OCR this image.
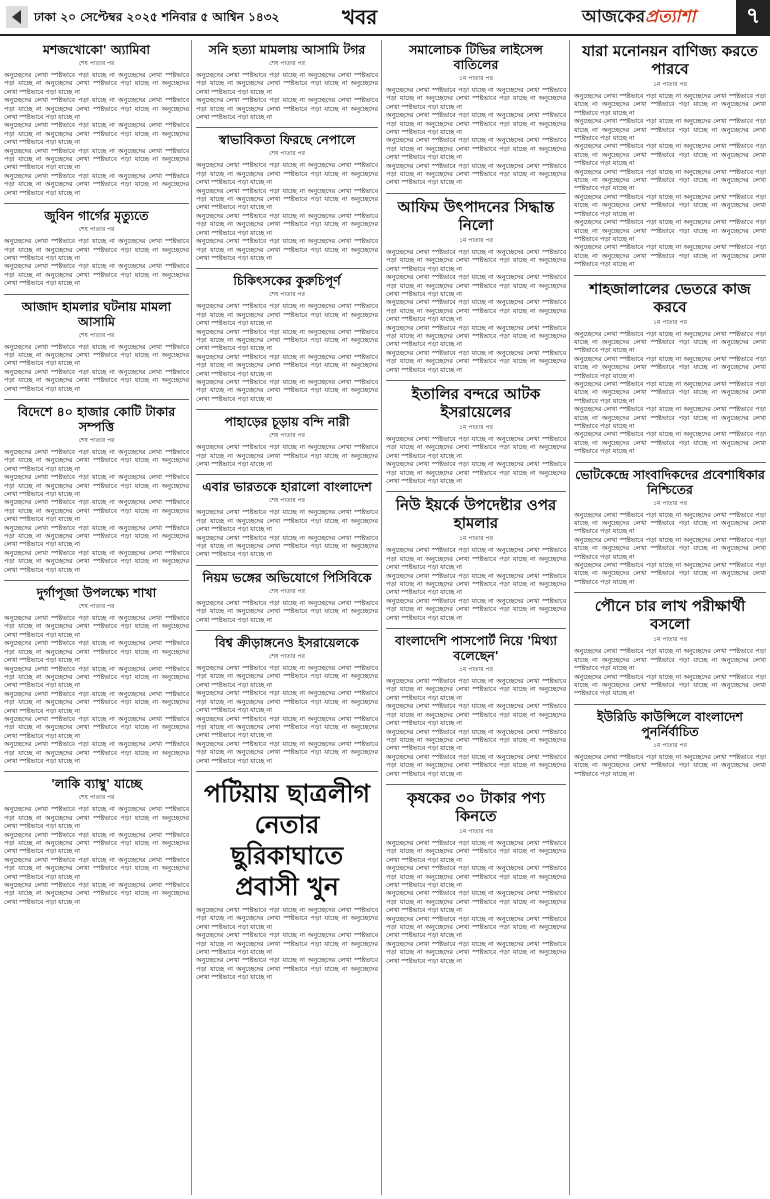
ঢাকা ২০ সেপ্টেম্বর ২০২৫ শনিবার ৫ আশ্বিন ১৪৩২	খবর	আজকেরপ্রত্যাশা	৭
মশজখোকো' অ্যামিবা
শেষ পাতার পর

অনুচ্ছেদের লেখা স্পষ্টভাবে পড়া যাচ্ছে না অনুচ্ছেদের লেখা স্পষ্টভাবে পড়া যাচ্ছে না অনুচ্ছেদের লেখা স্পষ্টভাবে পড়া যাচ্ছে না অনুচ্ছেদের লেখা স্পষ্টভাবে পড়া যাচ্ছে না

অনুচ্ছেদের লেখা স্পষ্টভাবে পড়া যাচ্ছে না অনুচ্ছেদের লেখা স্পষ্টভাবে পড়া যাচ্ছে না অনুচ্ছেদের লেখা স্পষ্টভাবে পড়া যাচ্ছে না অনুচ্ছেদের লেখা স্পষ্টভাবে পড়া যাচ্ছে না

অনুচ্ছেদের লেখা স্পষ্টভাবে পড়া যাচ্ছে না অনুচ্ছেদের লেখা স্পষ্টভাবে পড়া যাচ্ছে না অনুচ্ছেদের লেখা স্পষ্টভাবে পড়া যাচ্ছে না অনুচ্ছেদের লেখা স্পষ্টভাবে পড়া যাচ্ছে না

অনুচ্ছেদের লেখা স্পষ্টভাবে পড়া যাচ্ছে না অনুচ্ছেদের লেখা স্পষ্টভাবে পড়া যাচ্ছে না অনুচ্ছেদের লেখা স্পষ্টভাবে পড়া যাচ্ছে না অনুচ্ছেদের লেখা স্পষ্টভাবে পড়া যাচ্ছে না

অনুচ্ছেদের লেখা স্পষ্টভাবে পড়া যাচ্ছে না অনুচ্ছেদের লেখা স্পষ্টভাবে পড়া যাচ্ছে না অনুচ্ছেদের লেখা স্পষ্টভাবে পড়া যাচ্ছে না অনুচ্ছেদের লেখা স্পষ্টভাবে পড়া যাচ্ছে না

জুবিন গার্গের মৃত্যুতে
শেষ পাতার পর

অনুচ্ছেদের লেখা স্পষ্টভাবে পড়া যাচ্ছে না অনুচ্ছেদের লেখা স্পষ্টভাবে পড়া যাচ্ছে না অনুচ্ছেদের লেখা স্পষ্টভাবে পড়া যাচ্ছে না অনুচ্ছেদের লেখা স্পষ্টভাবে পড়া যাচ্ছে না

অনুচ্ছেদের লেখা স্পষ্টভাবে পড়া যাচ্ছে না অনুচ্ছেদের লেখা স্পষ্টভাবে পড়া যাচ্ছে না অনুচ্ছেদের লেখা স্পষ্টভাবে পড়া যাচ্ছে না অনুচ্ছেদের লেখা স্পষ্টভাবে পড়া যাচ্ছে না

আজাদ হামলার ঘটনায় মামলা আসামি
শেষ পাতার পর

অনুচ্ছেদের লেখা স্পষ্টভাবে পড়া যাচ্ছে না অনুচ্ছেদের লেখা স্পষ্টভাবে পড়া যাচ্ছে না অনুচ্ছেদের লেখা স্পষ্টভাবে পড়া যাচ্ছে না অনুচ্ছেদের লেখা স্পষ্টভাবে পড়া যাচ্ছে না

অনুচ্ছেদের লেখা স্পষ্টভাবে পড়া যাচ্ছে না অনুচ্ছেদের লেখা স্পষ্টভাবে পড়া যাচ্ছে না অনুচ্ছেদের লেখা স্পষ্টভাবে পড়া যাচ্ছে না অনুচ্ছেদের লেখা স্পষ্টভাবে পড়া যাচ্ছে না

বিদেশে ৪০ হাজার কোটি টাকার সম্পত্তি
শেষ পাতার পর

অনুচ্ছেদের লেখা স্পষ্টভাবে পড়া যাচ্ছে না অনুচ্ছেদের লেখা স্পষ্টভাবে পড়া যাচ্ছে না অনুচ্ছেদের লেখা স্পষ্টভাবে পড়া যাচ্ছে না অনুচ্ছেদের লেখা স্পষ্টভাবে পড়া যাচ্ছে না

অনুচ্ছেদের লেখা স্পষ্টভাবে পড়া যাচ্ছে না অনুচ্ছেদের লেখা স্পষ্টভাবে পড়া যাচ্ছে না অনুচ্ছেদের লেখা স্পষ্টভাবে পড়া যাচ্ছে না অনুচ্ছেদের লেখা স্পষ্টভাবে পড়া যাচ্ছে না

অনুচ্ছেদের লেখা স্পষ্টভাবে পড়া যাচ্ছে না অনুচ্ছেদের লেখা স্পষ্টভাবে পড়া যাচ্ছে না অনুচ্ছেদের লেখা স্পষ্টভাবে পড়া যাচ্ছে না অনুচ্ছেদের লেখা স্পষ্টভাবে পড়া যাচ্ছে না

অনুচ্ছেদের লেখা স্পষ্টভাবে পড়া যাচ্ছে না অনুচ্ছেদের লেখা স্পষ্টভাবে পড়া যাচ্ছে না অনুচ্ছেদের লেখা স্পষ্টভাবে পড়া যাচ্ছে না অনুচ্ছেদের লেখা স্পষ্টভাবে পড়া যাচ্ছে না

অনুচ্ছেদের লেখা স্পষ্টভাবে পড়া যাচ্ছে না অনুচ্ছেদের লেখা স্পষ্টভাবে পড়া যাচ্ছে না অনুচ্ছেদের লেখা স্পষ্টভাবে পড়া যাচ্ছে না অনুচ্ছেদের লেখা স্পষ্টভাবে পড়া যাচ্ছে না

দুর্গাপূজা উপলক্ষ্যে শাখা
শেষ পাতার পর

অনুচ্ছেদের লেখা স্পষ্টভাবে পড়া যাচ্ছে না অনুচ্ছেদের লেখা স্পষ্টভাবে পড়া যাচ্ছে না অনুচ্ছেদের লেখা স্পষ্টভাবে পড়া যাচ্ছে না অনুচ্ছেদের লেখা স্পষ্টভাবে পড়া যাচ্ছে না

অনুচ্ছেদের লেখা স্পষ্টভাবে পড়া যাচ্ছে না অনুচ্ছেদের লেখা স্পষ্টভাবে পড়া যাচ্ছে না অনুচ্ছেদের লেখা স্পষ্টভাবে পড়া যাচ্ছে না অনুচ্ছেদের লেখা স্পষ্টভাবে পড়া যাচ্ছে না

অনুচ্ছেদের লেখা স্পষ্টভাবে পড়া যাচ্ছে না অনুচ্ছেদের লেখা স্পষ্টভাবে পড়া যাচ্ছে না অনুচ্ছেদের লেখা স্পষ্টভাবে পড়া যাচ্ছে না অনুচ্ছেদের লেখা স্পষ্টভাবে পড়া যাচ্ছে না

অনুচ্ছেদের লেখা স্পষ্টভাবে পড়া যাচ্ছে না অনুচ্ছেদের লেখা স্পষ্টভাবে পড়া যাচ্ছে না অনুচ্ছেদের লেখা স্পষ্টভাবে পড়া যাচ্ছে না অনুচ্ছেদের লেখা স্পষ্টভাবে পড়া যাচ্ছে না

অনুচ্ছেদের লেখা স্পষ্টভাবে পড়া যাচ্ছে না অনুচ্ছেদের লেখা স্পষ্টভাবে পড়া যাচ্ছে না অনুচ্ছেদের লেখা স্পষ্টভাবে পড়া যাচ্ছে না অনুচ্ছেদের লেখা স্পষ্টভাবে পড়া যাচ্ছে না

অনুচ্ছেদের লেখা স্পষ্টভাবে পড়া যাচ্ছে না অনুচ্ছেদের লেখা স্পষ্টভাবে পড়া যাচ্ছে না অনুচ্ছেদের লেখা স্পষ্টভাবে পড়া যাচ্ছে না অনুচ্ছেদের লেখা স্পষ্টভাবে পড়া যাচ্ছে না

'লাকি ব্যাম্বু' যাচ্ছে
শেষ পাতার পর

অনুচ্ছেদের লেখা স্পষ্টভাবে পড়া যাচ্ছে না অনুচ্ছেদের লেখা স্পষ্টভাবে পড়া যাচ্ছে না অনুচ্ছেদের লেখা স্পষ্টভাবে পড়া যাচ্ছে না অনুচ্ছেদের লেখা স্পষ্টভাবে পড়া যাচ্ছে না

অনুচ্ছেদের লেখা স্পষ্টভাবে পড়া যাচ্ছে না অনুচ্ছেদের লেখা স্পষ্টভাবে পড়া যাচ্ছে না অনুচ্ছেদের লেখা স্পষ্টভাবে পড়া যাচ্ছে না অনুচ্ছেদের লেখা স্পষ্টভাবে পড়া যাচ্ছে না

অনুচ্ছেদের লেখা স্পষ্টভাবে পড়া যাচ্ছে না অনুচ্ছেদের লেখা স্পষ্টভাবে পড়া যাচ্ছে না অনুচ্ছেদের লেখা স্পষ্টভাবে পড়া যাচ্ছে না অনুচ্ছেদের লেখা স্পষ্টভাবে পড়া যাচ্ছে না

অনুচ্ছেদের লেখা স্পষ্টভাবে পড়া যাচ্ছে না অনুচ্ছেদের লেখা স্পষ্টভাবে পড়া যাচ্ছে না অনুচ্ছেদের লেখা স্পষ্টভাবে পড়া যাচ্ছে না অনুচ্ছেদের লেখা স্পষ্টভাবে পড়া যাচ্ছে না

সনি হত্যা মামলায় আসামি টগর
শেষ পাতার পর

অনুচ্ছেদের লেখা স্পষ্টভাবে পড়া যাচ্ছে না অনুচ্ছেদের লেখা স্পষ্টভাবে পড়া যাচ্ছে না অনুচ্ছেদের লেখা স্পষ্টভাবে পড়া যাচ্ছে না অনুচ্ছেদের লেখা স্পষ্টভাবে পড়া যাচ্ছে না

অনুচ্ছেদের লেখা স্পষ্টভাবে পড়া যাচ্ছে না অনুচ্ছেদের লেখা স্পষ্টভাবে পড়া যাচ্ছে না অনুচ্ছেদের লেখা স্পষ্টভাবে পড়া যাচ্ছে না অনুচ্ছেদের লেখা স্পষ্টভাবে পড়া যাচ্ছে না

স্বাভাবিকতা ফিরছে নেপালে
শেষ পাতার পর

অনুচ্ছেদের লেখা স্পষ্টভাবে পড়া যাচ্ছে না অনুচ্ছেদের লেখা স্পষ্টভাবে পড়া যাচ্ছে না অনুচ্ছেদের লেখা স্পষ্টভাবে পড়া যাচ্ছে না অনুচ্ছেদের লেখা স্পষ্টভাবে পড়া যাচ্ছে না

অনুচ্ছেদের লেখা স্পষ্টভাবে পড়া যাচ্ছে না অনুচ্ছেদের লেখা স্পষ্টভাবে পড়া যাচ্ছে না অনুচ্ছেদের লেখা স্পষ্টভাবে পড়া যাচ্ছে না অনুচ্ছেদের লেখা স্পষ্টভাবে পড়া যাচ্ছে না

অনুচ্ছেদের লেখা স্পষ্টভাবে পড়া যাচ্ছে না অনুচ্ছেদের লেখা স্পষ্টভাবে পড়া যাচ্ছে না অনুচ্ছেদের লেখা স্পষ্টভাবে পড়া যাচ্ছে না অনুচ্ছেদের লেখা স্পষ্টভাবে পড়া যাচ্ছে না

অনুচ্ছেদের লেখা স্পষ্টভাবে পড়া যাচ্ছে না অনুচ্ছেদের লেখা স্পষ্টভাবে পড়া যাচ্ছে না অনুচ্ছেদের লেখা স্পষ্টভাবে পড়া যাচ্ছে না অনুচ্ছেদের লেখা স্পষ্টভাবে পড়া যাচ্ছে না

চিকিৎসকের কুরুচিপূর্ণ
শেষ পাতার পর

অনুচ্ছেদের লেখা স্পষ্টভাবে পড়া যাচ্ছে না অনুচ্ছেদের লেখা স্পষ্টভাবে পড়া যাচ্ছে না অনুচ্ছেদের লেখা স্পষ্টভাবে পড়া যাচ্ছে না অনুচ্ছেদের লেখা স্পষ্টভাবে পড়া যাচ্ছে না

অনুচ্ছেদের লেখা স্পষ্টভাবে পড়া যাচ্ছে না অনুচ্ছেদের লেখা স্পষ্টভাবে পড়া যাচ্ছে না অনুচ্ছেদের লেখা স্পষ্টভাবে পড়া যাচ্ছে না অনুচ্ছেদের লেখা স্পষ্টভাবে পড়া যাচ্ছে না

অনুচ্ছেদের লেখা স্পষ্টভাবে পড়া যাচ্ছে না অনুচ্ছেদের লেখা স্পষ্টভাবে পড়া যাচ্ছে না অনুচ্ছেদের লেখা স্পষ্টভাবে পড়া যাচ্ছে না অনুচ্ছেদের লেখা স্পষ্টভাবে পড়া যাচ্ছে না

অনুচ্ছেদের লেখা স্পষ্টভাবে পড়া যাচ্ছে না অনুচ্ছেদের লেখা স্পষ্টভাবে পড়া যাচ্ছে না অনুচ্ছেদের লেখা স্পষ্টভাবে পড়া যাচ্ছে না অনুচ্ছেদের লেখা স্পষ্টভাবে পড়া যাচ্ছে না

পাহাড়ের চূড়ায় বন্দি নারী
শেষ পাতার পর

অনুচ্ছেদের লেখা স্পষ্টভাবে পড়া যাচ্ছে না অনুচ্ছেদের লেখা স্পষ্টভাবে পড়া যাচ্ছে না অনুচ্ছেদের লেখা স্পষ্টভাবে পড়া যাচ্ছে না অনুচ্ছেদের লেখা স্পষ্টভাবে পড়া যাচ্ছে না

এবার ভারতকে হারালো বাংলাদেশ
শেষ পাতার পর

অনুচ্ছেদের লেখা স্পষ্টভাবে পড়া যাচ্ছে না অনুচ্ছেদের লেখা স্পষ্টভাবে পড়া যাচ্ছে না অনুচ্ছেদের লেখা স্পষ্টভাবে পড়া যাচ্ছে না অনুচ্ছেদের লেখা স্পষ্টভাবে পড়া যাচ্ছে না

অনুচ্ছেদের লেখা স্পষ্টভাবে পড়া যাচ্ছে না অনুচ্ছেদের লেখা স্পষ্টভাবে পড়া যাচ্ছে না অনুচ্ছেদের লেখা স্পষ্টভাবে পড়া যাচ্ছে না অনুচ্ছেদের লেখা স্পষ্টভাবে পড়া যাচ্ছে না

নিয়ম ভঙ্গের অভিযোগে পিসিবিকে
শেষ পাতার পর

অনুচ্ছেদের লেখা স্পষ্টভাবে পড়া যাচ্ছে না অনুচ্ছেদের লেখা স্পষ্টভাবে পড়া যাচ্ছে না অনুচ্ছেদের লেখা স্পষ্টভাবে পড়া যাচ্ছে না অনুচ্ছেদের লেখা স্পষ্টভাবে পড়া যাচ্ছে না

বিশ্ব ক্রীড়াঙ্গনেও ইসরায়েলকে
শেষ পাতার পর

অনুচ্ছেদের লেখা স্পষ্টভাবে পড়া যাচ্ছে না অনুচ্ছেদের লেখা স্পষ্টভাবে পড়া যাচ্ছে না অনুচ্ছেদের লেখা স্পষ্টভাবে পড়া যাচ্ছে না অনুচ্ছেদের লেখা স্পষ্টভাবে পড়া যাচ্ছে না

অনুচ্ছেদের লেখা স্পষ্টভাবে পড়া যাচ্ছে না অনুচ্ছেদের লেখা স্পষ্টভাবে পড়া যাচ্ছে না অনুচ্ছেদের লেখা স্পষ্টভাবে পড়া যাচ্ছে না অনুচ্ছেদের লেখা স্পষ্টভাবে পড়া যাচ্ছে না

অনুচ্ছেদের লেখা স্পষ্টভাবে পড়া যাচ্ছে না অনুচ্ছেদের লেখা স্পষ্টভাবে পড়া যাচ্ছে না অনুচ্ছেদের লেখা স্পষ্টভাবে পড়া যাচ্ছে না অনুচ্ছেদের লেখা স্পষ্টভাবে পড়া যাচ্ছে না

অনুচ্ছেদের লেখা স্পষ্টভাবে পড়া যাচ্ছে না অনুচ্ছেদের লেখা স্পষ্টভাবে পড়া যাচ্ছে না অনুচ্ছেদের লেখা স্পষ্টভাবে পড়া যাচ্ছে না অনুচ্ছেদের লেখা স্পষ্টভাবে পড়া যাচ্ছে না

পটিয়ায় ছাত্রলীগ
নেতার ছুরিকাঘাতে
প্রবাসী খুন

অনুচ্ছেদের লেখা স্পষ্টভাবে পড়া যাচ্ছে না অনুচ্ছেদের লেখা স্পষ্টভাবে পড়া যাচ্ছে না অনুচ্ছেদের লেখা স্পষ্টভাবে পড়া যাচ্ছে না অনুচ্ছেদের লেখা স্পষ্টভাবে পড়া যাচ্ছে না

অনুচ্ছেদের লেখা স্পষ্টভাবে পড়া যাচ্ছে না অনুচ্ছেদের লেখা স্পষ্টভাবে পড়া যাচ্ছে না অনুচ্ছেদের লেখা স্পষ্টভাবে পড়া যাচ্ছে না অনুচ্ছেদের লেখা স্পষ্টভাবে পড়া যাচ্ছে না

অনুচ্ছেদের লেখা স্পষ্টভাবে পড়া যাচ্ছে না অনুচ্ছেদের লেখা স্পষ্টভাবে পড়া যাচ্ছে না অনুচ্ছেদের লেখা স্পষ্টভাবে পড়া যাচ্ছে না অনুচ্ছেদের লেখা স্পষ্টভাবে পড়া যাচ্ছে না

সমালোচক টিভির লাইসেন্স বাতিলের
১ম পাতার পর

অনুচ্ছেদের লেখা স্পষ্টভাবে পড়া যাচ্ছে না অনুচ্ছেদের লেখা স্পষ্টভাবে পড়া যাচ্ছে না অনুচ্ছেদের লেখা স্পষ্টভাবে পড়া যাচ্ছে না অনুচ্ছেদের লেখা স্পষ্টভাবে পড়া যাচ্ছে না

অনুচ্ছেদের লেখা স্পষ্টভাবে পড়া যাচ্ছে না অনুচ্ছেদের লেখা স্পষ্টভাবে পড়া যাচ্ছে না অনুচ্ছেদের লেখা স্পষ্টভাবে পড়া যাচ্ছে না অনুচ্ছেদের লেখা স্পষ্টভাবে পড়া যাচ্ছে না

অনুচ্ছেদের লেখা স্পষ্টভাবে পড়া যাচ্ছে না অনুচ্ছেদের লেখা স্পষ্টভাবে পড়া যাচ্ছে না অনুচ্ছেদের লেখা স্পষ্টভাবে পড়া যাচ্ছে না অনুচ্ছেদের লেখা স্পষ্টভাবে পড়া যাচ্ছে না

অনুচ্ছেদের লেখা স্পষ্টভাবে পড়া যাচ্ছে না অনুচ্ছেদের লেখা স্পষ্টভাবে পড়া যাচ্ছে না অনুচ্ছেদের লেখা স্পষ্টভাবে পড়া যাচ্ছে না অনুচ্ছেদের লেখা স্পষ্টভাবে পড়া যাচ্ছে না

আফিম উৎপাদনের সিদ্ধান্ত নিলো
১ম পাতার পর

অনুচ্ছেদের লেখা স্পষ্টভাবে পড়া যাচ্ছে না অনুচ্ছেদের লেখা স্পষ্টভাবে পড়া যাচ্ছে না অনুচ্ছেদের লেখা স্পষ্টভাবে পড়া যাচ্ছে না অনুচ্ছেদের লেখা স্পষ্টভাবে পড়া যাচ্ছে না

অনুচ্ছেদের লেখা স্পষ্টভাবে পড়া যাচ্ছে না অনুচ্ছেদের লেখা স্পষ্টভাবে পড়া যাচ্ছে না অনুচ্ছেদের লেখা স্পষ্টভাবে পড়া যাচ্ছে না অনুচ্ছেদের লেখা স্পষ্টভাবে পড়া যাচ্ছে না

অনুচ্ছেদের লেখা স্পষ্টভাবে পড়া যাচ্ছে না অনুচ্ছেদের লেখা স্পষ্টভাবে পড়া যাচ্ছে না অনুচ্ছেদের লেখা স্পষ্টভাবে পড়া যাচ্ছে না অনুচ্ছেদের লেখা স্পষ্টভাবে পড়া যাচ্ছে না

অনুচ্ছেদের লেখা স্পষ্টভাবে পড়া যাচ্ছে না অনুচ্ছেদের লেখা স্পষ্টভাবে পড়া যাচ্ছে না অনুচ্ছেদের লেখা স্পষ্টভাবে পড়া যাচ্ছে না অনুচ্ছেদের লেখা স্পষ্টভাবে পড়া যাচ্ছে না

অনুচ্ছেদের লেখা স্পষ্টভাবে পড়া যাচ্ছে না অনুচ্ছেদের লেখা স্পষ্টভাবে পড়া যাচ্ছে না অনুচ্ছেদের লেখা স্পষ্টভাবে পড়া যাচ্ছে না অনুচ্ছেদের লেখা স্পষ্টভাবে পড়া যাচ্ছে না

ইতালির বন্দরে আটক ইসরায়েলের
১ম পাতার পর

অনুচ্ছেদের লেখা স্পষ্টভাবে পড়া যাচ্ছে না অনুচ্ছেদের লেখা স্পষ্টভাবে পড়া যাচ্ছে না অনুচ্ছেদের লেখা স্পষ্টভাবে পড়া যাচ্ছে না অনুচ্ছেদের লেখা স্পষ্টভাবে পড়া যাচ্ছে না

অনুচ্ছেদের লেখা স্পষ্টভাবে পড়া যাচ্ছে না অনুচ্ছেদের লেখা স্পষ্টভাবে পড়া যাচ্ছে না অনুচ্ছেদের লেখা স্পষ্টভাবে পড়া যাচ্ছে না অনুচ্ছেদের লেখা স্পষ্টভাবে পড়া যাচ্ছে না

নিউ ইয়র্কে উপদেষ্টার ওপর হামলার
১ম পাতার পর

অনুচ্ছেদের লেখা স্পষ্টভাবে পড়া যাচ্ছে না অনুচ্ছেদের লেখা স্পষ্টভাবে পড়া যাচ্ছে না অনুচ্ছেদের লেখা স্পষ্টভাবে পড়া যাচ্ছে না অনুচ্ছেদের লেখা স্পষ্টভাবে পড়া যাচ্ছে না

অনুচ্ছেদের লেখা স্পষ্টভাবে পড়া যাচ্ছে না অনুচ্ছেদের লেখা স্পষ্টভাবে পড়া যাচ্ছে না অনুচ্ছেদের লেখা স্পষ্টভাবে পড়া যাচ্ছে না অনুচ্ছেদের লেখা স্পষ্টভাবে পড়া যাচ্ছে না

অনুচ্ছেদের লেখা স্পষ্টভাবে পড়া যাচ্ছে না অনুচ্ছেদের লেখা স্পষ্টভাবে পড়া যাচ্ছে না অনুচ্ছেদের লেখা স্পষ্টভাবে পড়া যাচ্ছে না অনুচ্ছেদের লেখা স্পষ্টভাবে পড়া যাচ্ছে না

বাংলাদেশি পাসপোর্ট নিয়ে 'মিথ্যা বলেছেন'
১ম পাতার পর

অনুচ্ছেদের লেখা স্পষ্টভাবে পড়া যাচ্ছে না অনুচ্ছেদের লেখা স্পষ্টভাবে পড়া যাচ্ছে না অনুচ্ছেদের লেখা স্পষ্টভাবে পড়া যাচ্ছে না অনুচ্ছেদের লেখা স্পষ্টভাবে পড়া যাচ্ছে না

অনুচ্ছেদের লেখা স্পষ্টভাবে পড়া যাচ্ছে না অনুচ্ছেদের লেখা স্পষ্টভাবে পড়া যাচ্ছে না অনুচ্ছেদের লেখা স্পষ্টভাবে পড়া যাচ্ছে না অনুচ্ছেদের লেখা স্পষ্টভাবে পড়া যাচ্ছে না

অনুচ্ছেদের লেখা স্পষ্টভাবে পড়া যাচ্ছে না অনুচ্ছেদের লেখা স্পষ্টভাবে পড়া যাচ্ছে না অনুচ্ছেদের লেখা স্পষ্টভাবে পড়া যাচ্ছে না অনুচ্ছেদের লেখা স্পষ্টভাবে পড়া যাচ্ছে না

অনুচ্ছেদের লেখা স্পষ্টভাবে পড়া যাচ্ছে না অনুচ্ছেদের লেখা স্পষ্টভাবে পড়া যাচ্ছে না অনুচ্ছেদের লেখা স্পষ্টভাবে পড়া যাচ্ছে না অনুচ্ছেদের লেখা স্পষ্টভাবে পড়া যাচ্ছে না

কৃষকের ৩০ টাকার পণ্য কিনতে
১ম পাতার পর

অনুচ্ছেদের লেখা স্পষ্টভাবে পড়া যাচ্ছে না অনুচ্ছেদের লেখা স্পষ্টভাবে পড়া যাচ্ছে না অনুচ্ছেদের লেখা স্পষ্টভাবে পড়া যাচ্ছে না অনুচ্ছেদের লেখা স্পষ্টভাবে পড়া যাচ্ছে না

অনুচ্ছেদের লেখা স্পষ্টভাবে পড়া যাচ্ছে না অনুচ্ছেদের লেখা স্পষ্টভাবে পড়া যাচ্ছে না অনুচ্ছেদের লেখা স্পষ্টভাবে পড়া যাচ্ছে না অনুচ্ছেদের লেখা স্পষ্টভাবে পড়া যাচ্ছে না

অনুচ্ছেদের লেখা স্পষ্টভাবে পড়া যাচ্ছে না অনুচ্ছেদের লেখা স্পষ্টভাবে পড়া যাচ্ছে না অনুচ্ছেদের লেখা স্পষ্টভাবে পড়া যাচ্ছে না অনুচ্ছেদের লেখা স্পষ্টভাবে পড়া যাচ্ছে না

অনুচ্ছেদের লেখা স্পষ্টভাবে পড়া যাচ্ছে না অনুচ্ছেদের লেখা স্পষ্টভাবে পড়া যাচ্ছে না অনুচ্ছেদের লেখা স্পষ্টভাবে পড়া যাচ্ছে না অনুচ্ছেদের লেখা স্পষ্টভাবে পড়া যাচ্ছে না

অনুচ্ছেদের লেখা স্পষ্টভাবে পড়া যাচ্ছে না অনুচ্ছেদের লেখা স্পষ্টভাবে পড়া যাচ্ছে না অনুচ্ছেদের লেখা স্পষ্টভাবে পড়া যাচ্ছে না অনুচ্ছেদের লেখা স্পষ্টভাবে পড়া যাচ্ছে না

যারা মনোনয়ন বাণিজ্য করতে পারবে
১ম পাতার পর

অনুচ্ছেদের লেখা স্পষ্টভাবে পড়া যাচ্ছে না অনুচ্ছেদের লেখা স্পষ্টভাবে পড়া যাচ্ছে না অনুচ্ছেদের লেখা স্পষ্টভাবে পড়া যাচ্ছে না অনুচ্ছেদের লেখা স্পষ্টভাবে পড়া যাচ্ছে না

অনুচ্ছেদের লেখা স্পষ্টভাবে পড়া যাচ্ছে না অনুচ্ছেদের লেখা স্পষ্টভাবে পড়া যাচ্ছে না অনুচ্ছেদের লেখা স্পষ্টভাবে পড়া যাচ্ছে না অনুচ্ছেদের লেখা স্পষ্টভাবে পড়া যাচ্ছে না

অনুচ্ছেদের লেখা স্পষ্টভাবে পড়া যাচ্ছে না অনুচ্ছেদের লেখা স্পষ্টভাবে পড়া যাচ্ছে না অনুচ্ছেদের লেখা স্পষ্টভাবে পড়া যাচ্ছে না অনুচ্ছেদের লেখা স্পষ্টভাবে পড়া যাচ্ছে না

অনুচ্ছেদের লেখা স্পষ্টভাবে পড়া যাচ্ছে না অনুচ্ছেদের লেখা স্পষ্টভাবে পড়া যাচ্ছে না অনুচ্ছেদের লেখা স্পষ্টভাবে পড়া যাচ্ছে না অনুচ্ছেদের লেখা স্পষ্টভাবে পড়া যাচ্ছে না

অনুচ্ছেদের লেখা স্পষ্টভাবে পড়া যাচ্ছে না অনুচ্ছেদের লেখা স্পষ্টভাবে পড়া যাচ্ছে না অনুচ্ছেদের লেখা স্পষ্টভাবে পড়া যাচ্ছে না অনুচ্ছেদের লেখা স্পষ্টভাবে পড়া যাচ্ছে না

অনুচ্ছেদের লেখা স্পষ্টভাবে পড়া যাচ্ছে না অনুচ্ছেদের লেখা স্পষ্টভাবে পড়া যাচ্ছে না অনুচ্ছেদের লেখা স্পষ্টভাবে পড়া যাচ্ছে না অনুচ্ছেদের লেখা স্পষ্টভাবে পড়া যাচ্ছে না

অনুচ্ছেদের লেখা স্পষ্টভাবে পড়া যাচ্ছে না অনুচ্ছেদের লেখা স্পষ্টভাবে পড়া যাচ্ছে না অনুচ্ছেদের লেখা স্পষ্টভাবে পড়া যাচ্ছে না অনুচ্ছেদের লেখা স্পষ্টভাবে পড়া যাচ্ছে না

শাহজালালের ভেতরে কাজ করবে
১ম পাতার পর

অনুচ্ছেদের লেখা স্পষ্টভাবে পড়া যাচ্ছে না অনুচ্ছেদের লেখা স্পষ্টভাবে পড়া যাচ্ছে না অনুচ্ছেদের লেখা স্পষ্টভাবে পড়া যাচ্ছে না অনুচ্ছেদের লেখা স্পষ্টভাবে পড়া যাচ্ছে না

অনুচ্ছেদের লেখা স্পষ্টভাবে পড়া যাচ্ছে না অনুচ্ছেদের লেখা স্পষ্টভাবে পড়া যাচ্ছে না অনুচ্ছেদের লেখা স্পষ্টভাবে পড়া যাচ্ছে না অনুচ্ছেদের লেখা স্পষ্টভাবে পড়া যাচ্ছে না

অনুচ্ছেদের লেখা স্পষ্টভাবে পড়া যাচ্ছে না অনুচ্ছেদের লেখা স্পষ্টভাবে পড়া যাচ্ছে না অনুচ্ছেদের লেখা স্পষ্টভাবে পড়া যাচ্ছে না অনুচ্ছেদের লেখা স্পষ্টভাবে পড়া যাচ্ছে না

অনুচ্ছেদের লেখা স্পষ্টভাবে পড়া যাচ্ছে না অনুচ্ছেদের লেখা স্পষ্টভাবে পড়া যাচ্ছে না অনুচ্ছেদের লেখা স্পষ্টভাবে পড়া যাচ্ছে না অনুচ্ছেদের লেখা স্পষ্টভাবে পড়া যাচ্ছে না

অনুচ্ছেদের লেখা স্পষ্টভাবে পড়া যাচ্ছে না অনুচ্ছেদের লেখা স্পষ্টভাবে পড়া যাচ্ছে না অনুচ্ছেদের লেখা স্পষ্টভাবে পড়া যাচ্ছে না অনুচ্ছেদের লেখা স্পষ্টভাবে পড়া যাচ্ছে না

ভোটকেন্দ্রে সাংবাদিকদের প্রবেশাধিকার নিশ্চিতের
১ম পাতার পর

অনুচ্ছেদের লেখা স্পষ্টভাবে পড়া যাচ্ছে না অনুচ্ছেদের লেখা স্পষ্টভাবে পড়া যাচ্ছে না অনুচ্ছেদের লেখা স্পষ্টভাবে পড়া যাচ্ছে না অনুচ্ছেদের লেখা স্পষ্টভাবে পড়া যাচ্ছে না

অনুচ্ছেদের লেখা স্পষ্টভাবে পড়া যাচ্ছে না অনুচ্ছেদের লেখা স্পষ্টভাবে পড়া যাচ্ছে না অনুচ্ছেদের লেখা স্পষ্টভাবে পড়া যাচ্ছে না অনুচ্ছেদের লেখা স্পষ্টভাবে পড়া যাচ্ছে না

অনুচ্ছেদের লেখা স্পষ্টভাবে পড়া যাচ্ছে না অনুচ্ছেদের লেখা স্পষ্টভাবে পড়া যাচ্ছে না অনুচ্ছেদের লেখা স্পষ্টভাবে পড়া যাচ্ছে না অনুচ্ছেদের লেখা স্পষ্টভাবে পড়া যাচ্ছে না

পৌনে চার লাখ পরীক্ষার্থী বসলো
১ম পাতার পর

অনুচ্ছেদের লেখা স্পষ্টভাবে পড়া যাচ্ছে না অনুচ্ছেদের লেখা স্পষ্টভাবে পড়া যাচ্ছে না অনুচ্ছেদের লেখা স্পষ্টভাবে পড়া যাচ্ছে না অনুচ্ছেদের লেখা স্পষ্টভাবে পড়া যাচ্ছে না

অনুচ্ছেদের লেখা স্পষ্টভাবে পড়া যাচ্ছে না অনুচ্ছেদের লেখা স্পষ্টভাবে পড়া যাচ্ছে না অনুচ্ছেদের লেখা স্পষ্টভাবে পড়া যাচ্ছে না অনুচ্ছেদের লেখা স্পষ্টভাবে পড়া যাচ্ছে না

ইউরিডি কাউন্সিলে বাংলাদেশ পুনর্নির্বাচিত
১ম পাতার পর

অনুচ্ছেদের লেখা স্পষ্টভাবে পড়া যাচ্ছে না অনুচ্ছেদের লেখা স্পষ্টভাবে পড়া যাচ্ছে না অনুচ্ছেদের লেখা স্পষ্টভাবে পড়া যাচ্ছে না অনুচ্ছেদের লেখা স্পষ্টভাবে পড়া যাচ্ছে না
